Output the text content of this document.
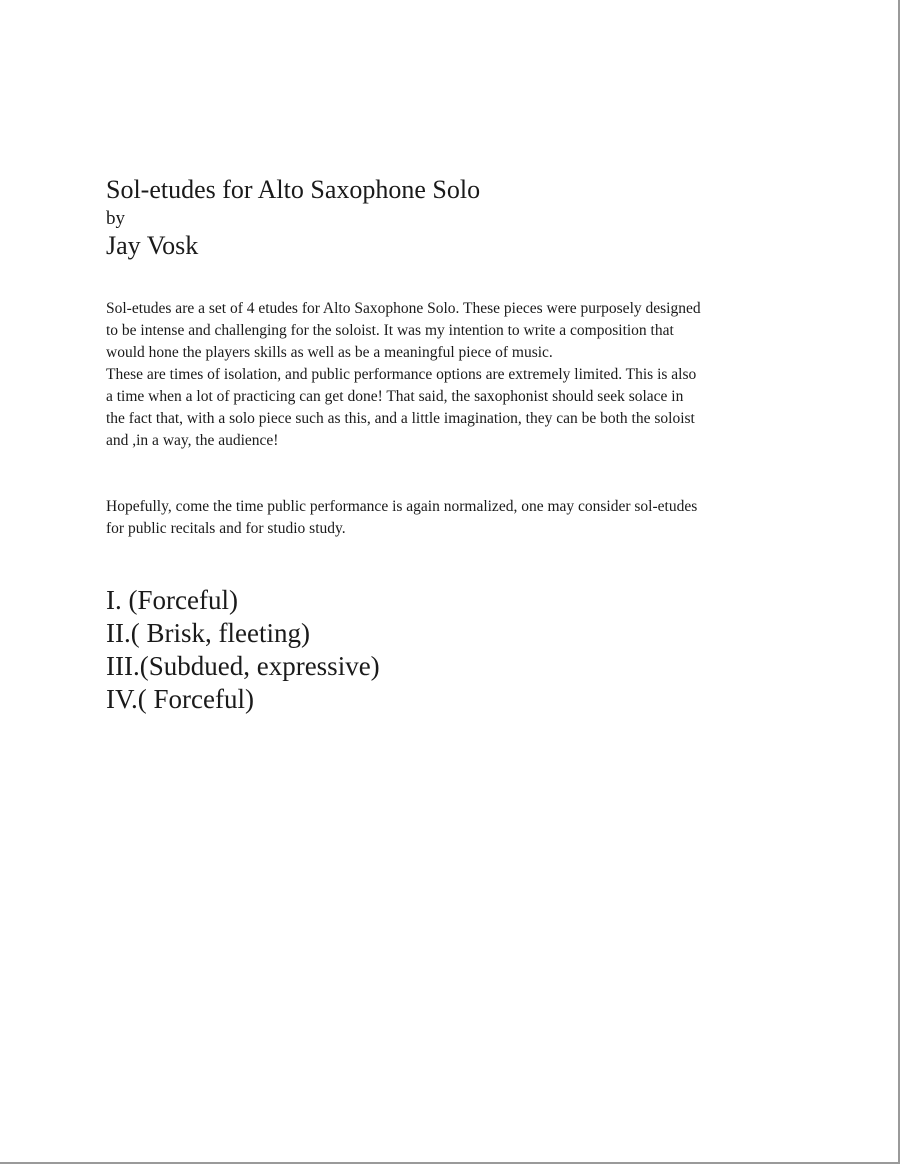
Sol-etudes for Alto Saxophone Solo
by
Jay Vosk

Sol-etudes are a set of 4 etudes for Alto Saxophone Solo. These pieces were purposely designed
to be intense and challenging for the soloist. It was my intention to write a composition that
would hone the players skills as well as be a meaningful piece of music.
These are times of isolation, and public performance options are extremely limited. This is also
a time when a lot of practicing can get done! That said, the saxophonist should seek solace in
the fact that, with a solo piece such as this, and a little imagination, they can be both the soloist
and ,in a way, the audience!

Hopefully, come the time public performance is again normalized, one may consider sol-etudes
for public recitals and for studio study.

I. (Forceful)
II.( Brisk, fleeting)
III.(Subdued, expressive)
IV.( Forceful)
